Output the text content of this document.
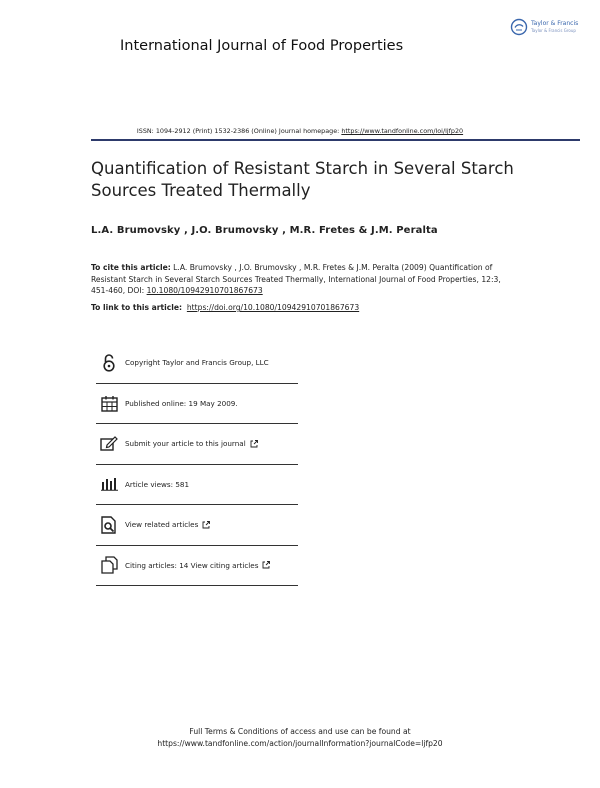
International Journal of Food Properties
Taylor & Francis
Taylor & Francis Group
ISSN: 1094-2912 (Print) 1532-2386 (Online) Journal homepage: https://www.tandfonline.com/loi/ljfp20
Quantification of Resistant Starch in Several Starch Sources Treated Thermally
L.A. Brumovsky , J.O. Brumovsky , M.R. Fretes & J.M. Peralta
To cite this article: L.A. Brumovsky , J.O. Brumovsky , M.R. Fretes & J.M. Peralta (2009) Quantification of Resistant Starch in Several Starch Sources Treated Thermally, International Journal of Food Properties, 12:3, 451-460, DOI: 10.1080/10942910701867673
To link to this article: https://doi.org/10.1080/10942910701867673
Copyright Taylor and Francis Group, LLC
Published online: 19 May 2009.
Submit your article to this journal
Article views: 581
View related articles
Citing articles: 14 View citing articles
Full Terms & Conditions of access and use can be found at
https://www.tandfonline.com/action/journalInformation?journalCode=ljfp20
